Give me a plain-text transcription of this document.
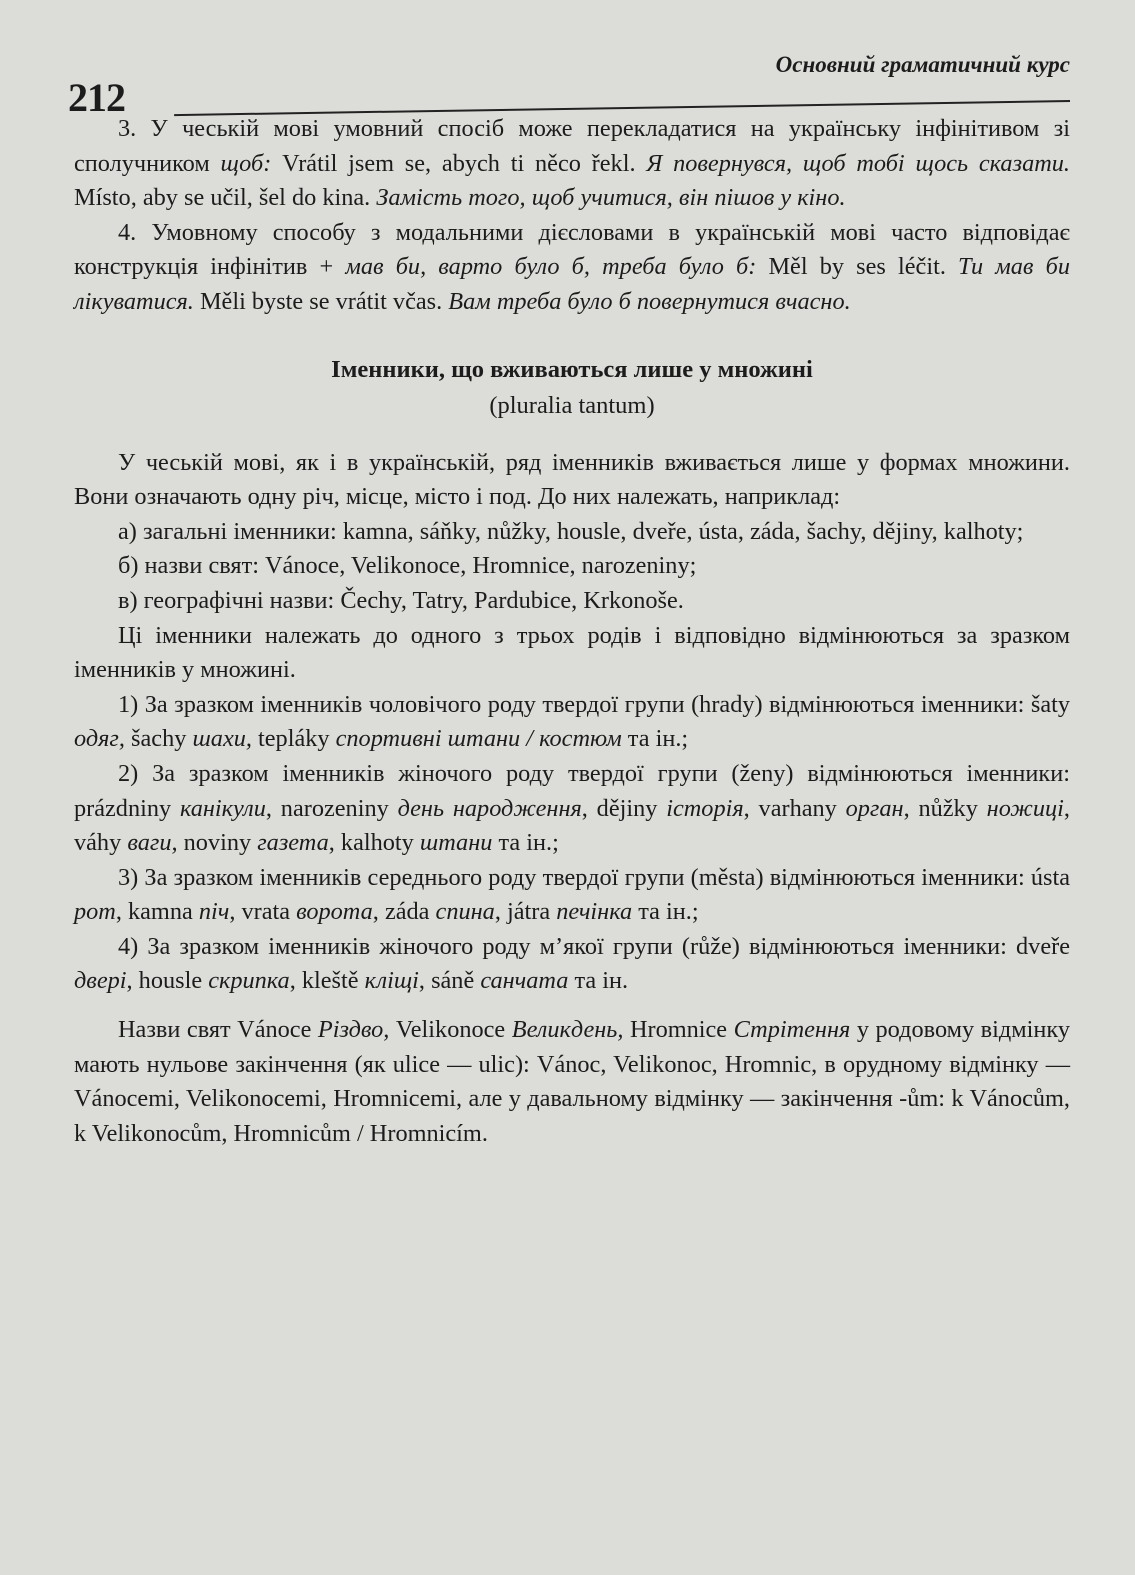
212
Основний граматичний курс

3. У чеській мові умовний спосіб може перекладатися на українську інфінітивом зі сполучником щоб: Vrátil jsem se, abych ti něco řekl. Я повернувся, щоб тобі щось сказати. Místo, aby se učil, šel do kina. Замість того, щоб учитися, він пішов у кіно.

4. Умовному способу з модальними дієсловами в українській мові часто відповідає конструкція інфінітив + мав би, варто було б, треба було б: Měl by ses léčit. Ти мав би лікуватися. Měli byste se vrátit včas. Вам треба було б повернутися вчасно.

Іменники, що вживаються лише у множині

(pluralia tantum)

У чеській мові, як і в українській, ряд іменників вживається лише у формах множини. Вони означають одну річ, місце, місто і под. До них належать, наприклад:

а) загальні іменники: kamna, sáňky, nůžky, housle, dveře, ústa, záda, šachy, dějiny, kalhoty;

б) назви свят: Vánoce, Velikonoce, Hromnice, narozeniny;

в) географічні назви: Čechy, Tatry, Pardubice, Krkonoše.

Ці іменники належать до одного з трьох родів і відповідно відмінюються за зразком іменників у множині.

1) За зразком іменників чоловічого роду твердої групи (hrady) відмінюються іменники: šaty одяг, šachy шахи, tepláky спортивні штани / костюм та ін.;

2) За зразком іменників жіночого роду твердої групи (ženy) відмінюються іменники: prázdniny канікули, narozeniny день народження, dějiny історія, varhany орган, nůžky ножиці, váhy ваги, noviny газета, kalhoty штани та ін.;

3) За зразком іменників середнього роду твердої групи (města) відмінюються іменники: ústa рот, kamna піч, vrata ворота, záda спина, játra печінка та ін.;

4) За зразком іменників жіночого роду м’якої групи (růže) відмінюються іменники: dveře двері, housle скрипка, kleště кліщі, sáně санчата та ін.

Назви свят Vánoce Різдво, Velikonoce Великдень, Hromnice Стрітення у родовому відмінку мають нульове закінчення (як ulice — ulic): Vánoc, Velikonoc, Hromnic, в орудному відмінку — Vánocemi, Velikonocemi, Hromnicemi, але у давальному відмінку — закінчення -ům: k Vánocům, k Velikonocům, Hromnicům / Hromnicím.
